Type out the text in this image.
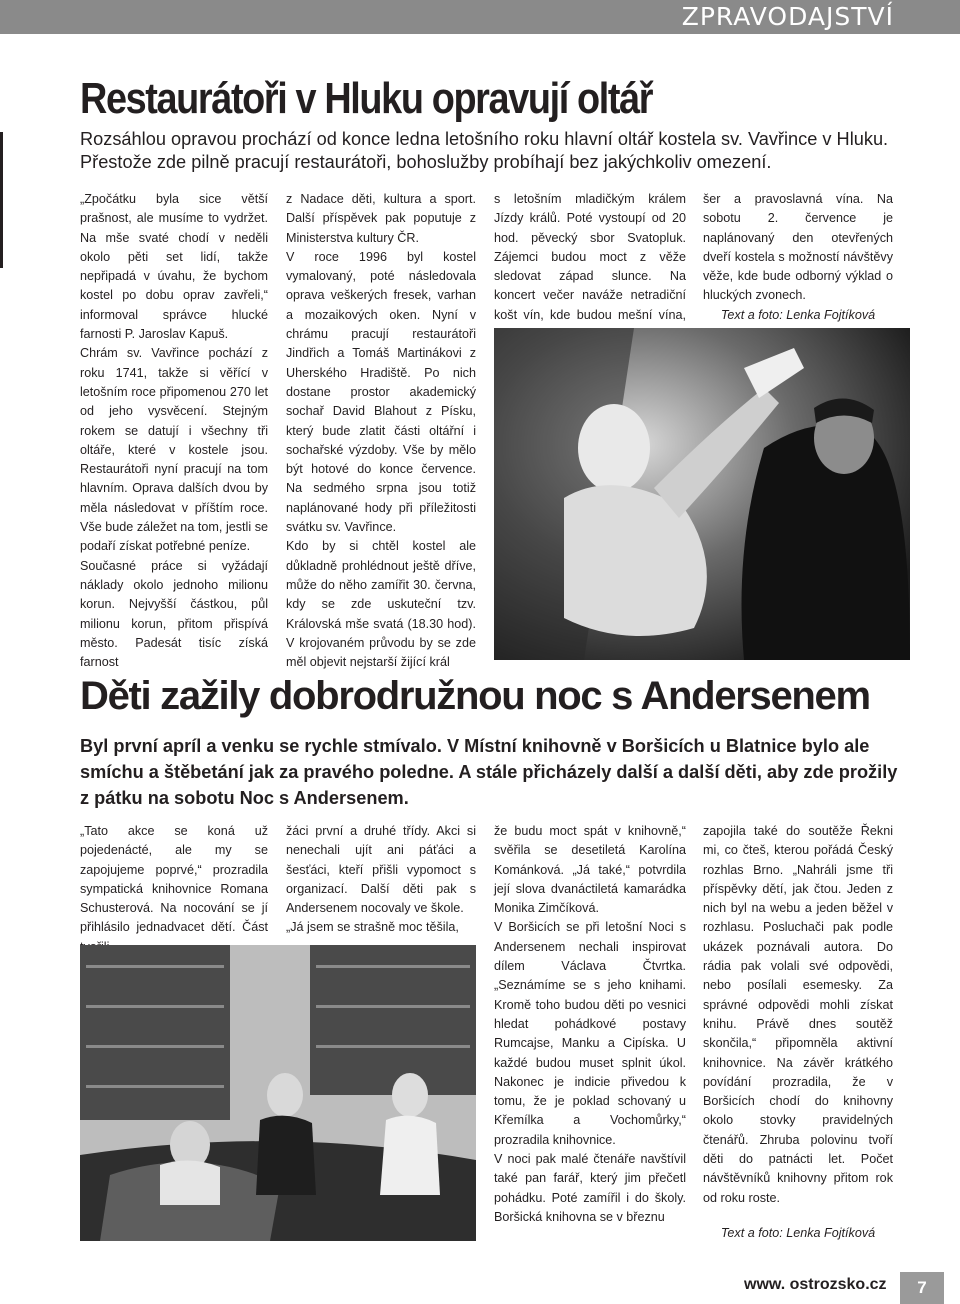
ZPRAVODAJSTVÍ
Restaurátoři v Hluku opravují oltář

Rozsáhlou opravou prochází od konce ledna letošního roku hlavní oltář kostela sv. Vavřince v Hluku. Přestože zde pilně pracují restaurátoři, bohoslužby probíhají bez jakýchkoliv omezení.

„Zpočátku byla sice větší prašnost, ale musíme to vydržet. Na mše svaté chodí v neděli okolo pěti set lidí, takže nepřipadá v úvahu, že bychom kostel po dobu oprav zavřeli,“ informoval správce hlucké farnosti P. Jaroslav Kapuš.

Chrám sv. Vavřince pochází z roku 1741, takže si věřící v letošním roce připomenou 270 let od jeho vysvěcení. Stejným rokem se datují i všechny tři oltáře, které v kostele jsou. Restaurátoři nyní pracují na tom hlavním. Oprava dalších dvou by měla následovat v příštím roce. Vše bude záležet na tom, jestli se podaří získat potřebné peníze.

Současné práce si vyžádají náklady okolo jednoho milionu korun. Nejvyšší částkou, půl milionu korun, přitom přispívá město. Padesát tisíc získá farnost

z Nadace děti, kultura a sport. Další příspěvek pak poputuje z Ministerstva kultury ČR.

V roce 1996 byl kostel vymalovaný, poté následovala oprava veškerých fresek, varhan a mozaikových oken. Nyní v chrámu pracují restaurátoři Jindřich a Tomáš Martinákovi z Uherského Hradiště. Po nich dostane prostor akademický sochař David Blahout z Písku, který bude zlatit části oltářní i sochařské výzdoby. Vše by mělo být hotové do konce července. Na sedmého srpna jsou totiž naplánované hody při příležitosti svátku sv. Vavřince.

Kdo by si chtěl kostel ale důkladně prohlédnout ještě dříve, může do něho zamířit 30. června, kdy se zde uskuteční tzv. Královská mše svatá (18.30 hod). V krojovaném průvodu by se zde měl objevit nejstarší žijící král

s letošním mladičkým králem Jízdy králů. Poté vystoupí od 20 hod. pěvecký sbor Svatopluk. Zájemci budou moct z věže sledovat západ slunce. Na koncert večer naváže netradiční košt vín, kde budou mešní vína,

šer a pravoslavná vína. Na sobotu 2. července je naplánovaný den otevřených dveří kostela s možností návštěvy věže, kde bude odborný výklad o hluckých zvonech.

Text a foto: Lenka Fojtíková

Děti zažily dobrodružnou noc s Andersenem

Byl první apríl a venku se rychle stmívalo. V Místní knihovně v Boršicích u Blatnice bylo ale smíchu a štěbetání jak za pravého poledne. A stále přicházely další a další děti, aby zde prožily z pátku na sobotu Noc s Andersenem.

„Tato akce se koná už pojedenácté, ale my se zapojujeme poprvé,“ prozradila sympatická knihovnice Romana Schusterová. Na nocování se jí přihlásilo jednadvacet dětí. Část

žáci první a druhé třídy. Akci si nenechali ujít ani páťáci a šesťáci, kteří přišli vypomoct s organizací. Další děti pak s Andersenem nocovaly ve škole.

„Já jsem se strašně moc těšila,

že budu moct spát v knihovně,“ svěřila se desetiletá Karolína Kománková. „Já také,“ potvrdila její slova dvanáctiletá kamarádka Monika Zimčíková.

V Boršicích se při letošní Noci s Andersenem nechali inspirovat dílem Václava Čtvrtka. „Seznámíme se s jeho knihami. Kromě toho budou děti po vesnici hledat pohádkové postavy Rumcajse, Manku a Cipíska. U každé budou muset splnit úkol. Nakonec je indicie přivedou k tomu, že je poklad schovaný u Křemílka a Vochomůrky,“ prozradila knihovnice.

V noci pak malé čtenáře navštívil také pan farář, který jim přečetl pohádku. Poté zamířil i do školy. Boršická knihovna se v březnu

zapojila také do soutěže Řekni mi, co čteš, kterou pořádá Český rozhlas Brno. „Nahráli jsme tři příspěvky dětí, jak čtou. Jeden z nich byl na webu a jeden běžel v rozhlasu. Posluchači pak podle ukázek poznávali autora. Do rádia pak volali své odpovědi, nebo posílali esemesky. Za správné odpovědi mohli získat knihu. Právě dnes soutěž skončila,“ připomněla aktivní knihovnice. Na závěr krátkého povídání prozradila, že v Boršicích chodí do knihovny okolo stovky pravidelných čtenářů. Zhruba polovinu tvoří děti do patnácti let. Počet návštěvníků knihovny přitom rok od roku roste.

Text a foto: Lenka Fojtíková

www. ostrozsko.cz	7
